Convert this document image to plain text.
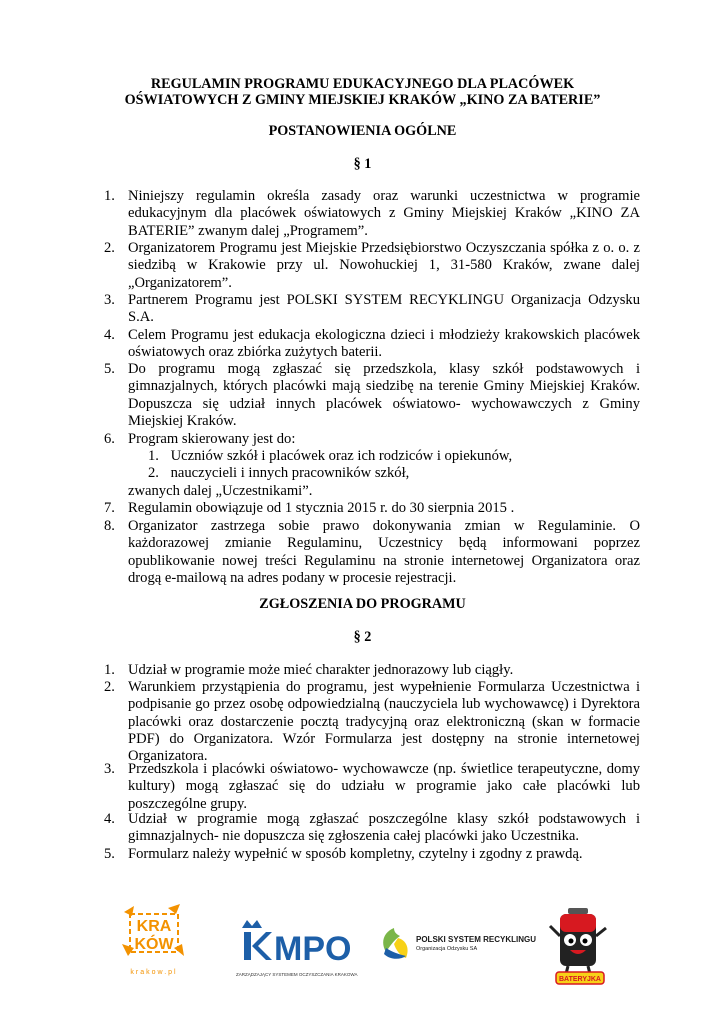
REGULAMIN PROGRAMU EDUKACYJNEGO DLA PLACÓWEK
OŚWIATOWYCH Z GMINY MIEJSKIEJ KRAKÓW „KINO ZA BATERIE”
POSTANOWIENIA OGÓLNE
§ 1
1. Niniejszy regulamin określa zasady oraz warunki uczestnictwa w programie edukacyjnym dla placówek oświatowych z Gminy Miejskiej Kraków „KINO ZA BATERIE” zwanym dalej „Programem”.
2. Organizatorem Programu jest Miejskie Przedsiębiorstwo Oczyszczania spółka z o. o. z siedzibą w Krakowie przy ul. Nowohuckiej 1, 31-580 Kraków, zwane dalej „Organizatorem”.
3. Partnerem Programu jest POLSKI SYSTEM RECYKLINGU Organizacja Odzysku S.A.
4. Celem Programu jest edukacja ekologiczna dzieci i młodzieży krakowskich placówek oświatowych oraz zbiórka zużytych baterii.
5. Do programu mogą zgłaszać się przedszkola, klasy szkół podstawowych i gimnazjalnych, których placówki mają siedzibę na terenie Gminy Miejskiej Kraków. Dopuszcza się udział innych placówek oświatowo- wychowawczych z Gminy Miejskiej Kraków.
6. Program skierowany jest do:
1. Uczniów szkół i placówek oraz ich rodziców i opiekunów,
2. nauczycieli i innych pracowników szkół,
zwanych dalej „Uczestnikami”.
7. Regulamin obowiązuje od 1 stycznia 2015 r. do 30 sierpnia 2015 .
8. Organizator zastrzega sobie prawo dokonywania zmian w Regulaminie. O każdorazowej zmianie Regulaminu, Uczestnicy będą informowani poprzez opublikowanie nowej treści Regulaminu na stronie internetowej Organizatora oraz drogą e-mailową na adres podany w procesie rejestracji.
ZGŁOSZENIA DO PROGRAMU
§ 2
1. Udział w programie może mieć charakter jednorazowy lub ciągły.
2. Warunkiem przystąpienia do programu, jest wypełnienie Formularza Uczestnictwa i podpisanie go przez osobę odpowiedzialną (nauczyciela lub wychowawcę) i Dyrektora placówki oraz dostarczenie pocztą tradycyjną oraz elektroniczną (skan w formacie PDF) do Organizatora. Wzór Formularza jest dostępny na stronie internetowej Organizatora.
3. Przedszkola i placówki oświatowo- wychowawcze (np. świetlice terapeutyczne, domy kultury) mogą zgłaszać się do udziału w programie jako całe placówki lub poszczególne grupy.
4. Udział w programie mogą zgłaszać poszczególne klasy szkół podstawowych i gimnazjalnych- nie dopuszcza się zgłoszenia całej placówki jako Uczestnika.
5. Formularz należy wypełnić w sposób kompletny, czytelny i zgodny z prawdą.
KRA
KÓW
krakow.pl
MPO
ZARZĄDZAJĄCY SYSTEMEM OCZYSZCZANIA KRAKOWA
POLSKI SYSTEM RECYKLINGU
Organizacja Odzysku SA
BATERYJKA
